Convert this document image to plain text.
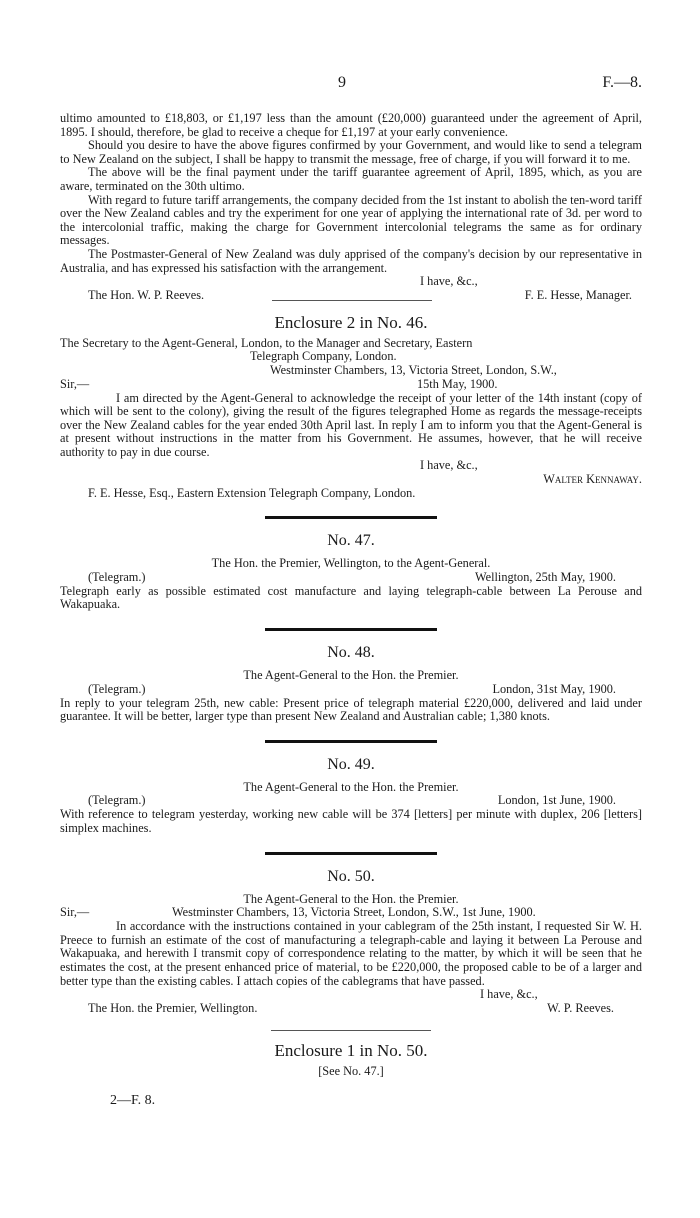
9	F.—8.

ultimo amounted to £18,803, or £1,197 less than the amount (£20,000) guaranteed under the agreement of April, 1895. I should, therefore, be glad to receive a cheque for £1,197 at your early convenience.

Should you desire to have the above figures confirmed by your Government, and would like to send a telegram to New Zealand on the subject, I shall be happy to transmit the message, free of charge, if you will forward it to me.

The above will be the final payment under the tariff guarantee agreement of April, 1895, which, as you are aware, terminated on the 30th ultimo.

With regard to future tariff arrangements, the company decided from the 1st instant to abolish the ten-word tariff over the New Zealand cables and try the experiment for one year of applying the international rate of 3d. per word to the intercolonial traffic, making the charge for Government intercolonial telegrams the same as for ordinary messages.

The Postmaster-General of New Zealand was duly apprised of the company's decision by our representative in Australia, and has expressed his satisfaction with the arrangement.

I have, &c.,

The Hon. W. P. Reeves.	F. E. Hesse, Manager.
Enclosure 2 in No. 46.

The Secretary to the Agent-General, London, to the Manager and Secretary, Eastern

Telegraph Company, London.

Westminster Chambers, 13, Victoria Street, London, S.W.,

Sir,—	15th May, 1900.

I am directed by the Agent-General to acknowledge the receipt of your letter of the 14th instant (copy of which will be sent to the colony), giving the result of the figures telegraphed Home as regards the message-receipts over the New Zealand cables for the year ended 30th April last. In reply I am to inform you that the Agent-General is at present without instructions in the matter from his Government. He assumes, however, that he will receive authority to pay in due course.

I have, &c.,

Walter Kennaway.

F. E. Hesse, Esq., Eastern Extension Telegraph Company, London.

No. 47.

The Hon. the Premier, Wellington, to the Agent-General.

(Telegram.)	Wellington, 25th May, 1900.

Telegraph early as possible estimated cost manufacture and laying telegraph-cable between La Perouse and Wakapuaka.

No. 48.

The Agent-General to the Hon. the Premier.

(Telegram.)	London, 31st May, 1900.

In reply to your telegram 25th, new cable: Present price of telegraph material £220,000, delivered and laid under guarantee. It will be better, larger type than present New Zealand and Australian cable; 1,380 knots.

No. 49.

The Agent-General to the Hon. the Premier.

(Telegram.)	London, 1st June, 1900.

With reference to telegram yesterday, working new cable will be 374 [letters] per minute with duplex, 206 [letters] simplex machines.

No. 50.

The Agent-General to the Hon. the Premier.

Sir,—	Westminster Chambers, 13, Victoria Street, London, S.W., 1st June, 1900.

In accordance with the instructions contained in your cablegram of the 25th instant, I requested Sir W. H. Preece to furnish an estimate of the cost of manufacturing a telegraph-cable and laying it between La Perouse and Wakapuaka, and herewith I transmit copy of correspondence relating to the matter, by which it will be seen that he estimates the cost, at the present enhanced price of material, to be £220,000, the proposed cable to be of a larger and better type than the existing cables. I attach copies of the cablegrams that have passed.

I have, &c.,

The Hon. the Premier, Wellington.	W. P. Reeves.
Enclosure 1 in No. 50.

[See No. 47.]

2—F. 8.
